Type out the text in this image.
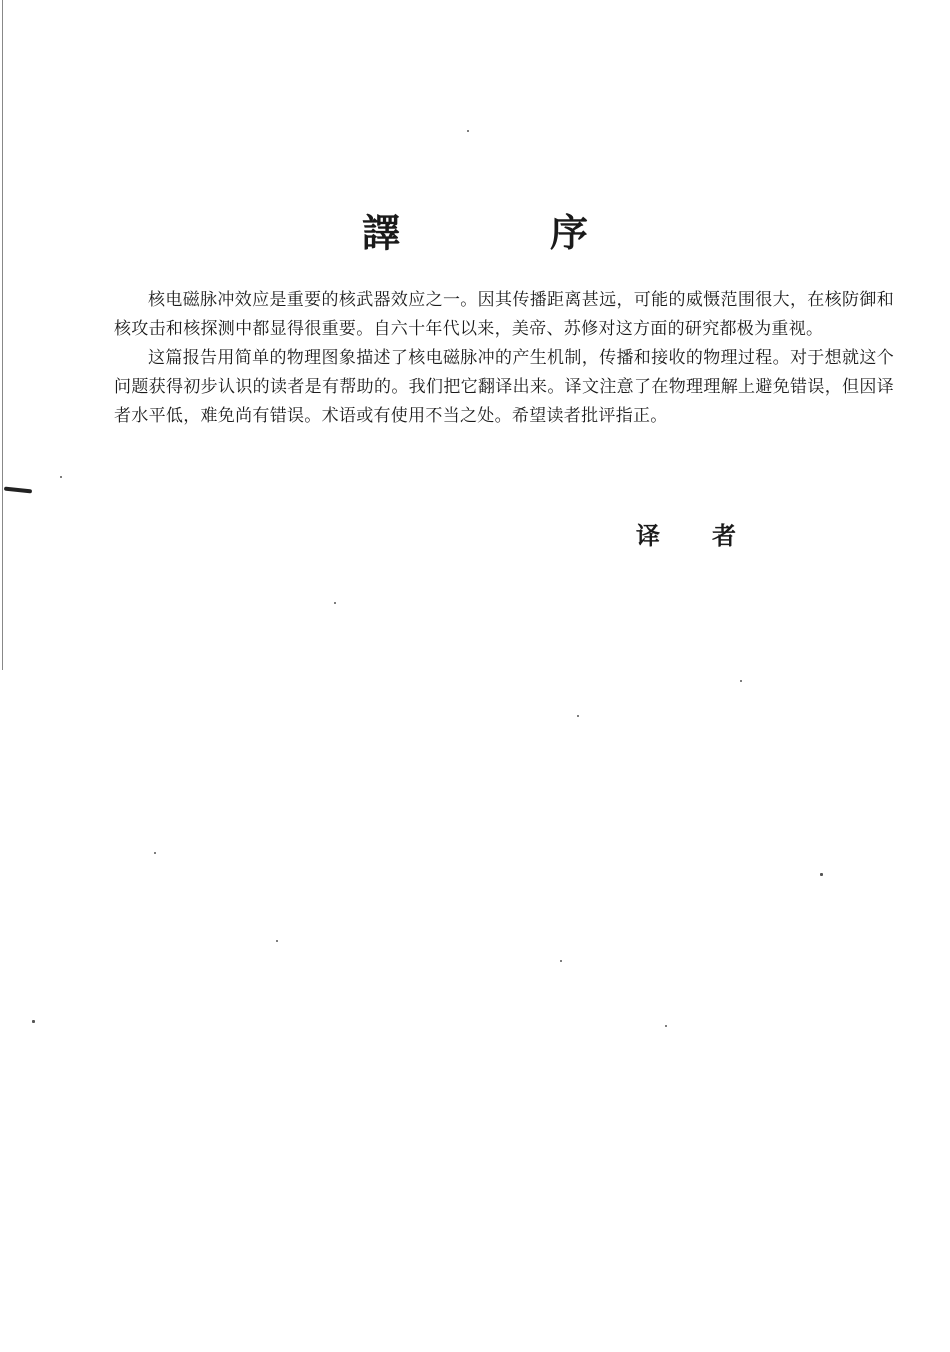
譯	序

核电磁脉冲效应是重要的核武器效应之一。因其传播距离甚远，可能的威慑范围很大，在核防御和核攻击和核探测中都显得很重要。自六十年代以来，美帝、苏修对这方面的研究都极为重视。

这篇报告用简单的物理图象描述了核电磁脉冲的产生机制，传播和接收的物理过程。对于想就这个问题获得初步认识的读者是有帮助的。我们把它翻译出来。译文注意了在物理理解上避免错误，但因译者水平低，难免尚有错误。术语或有使用不当之处。希望读者批评指正。

译 者
